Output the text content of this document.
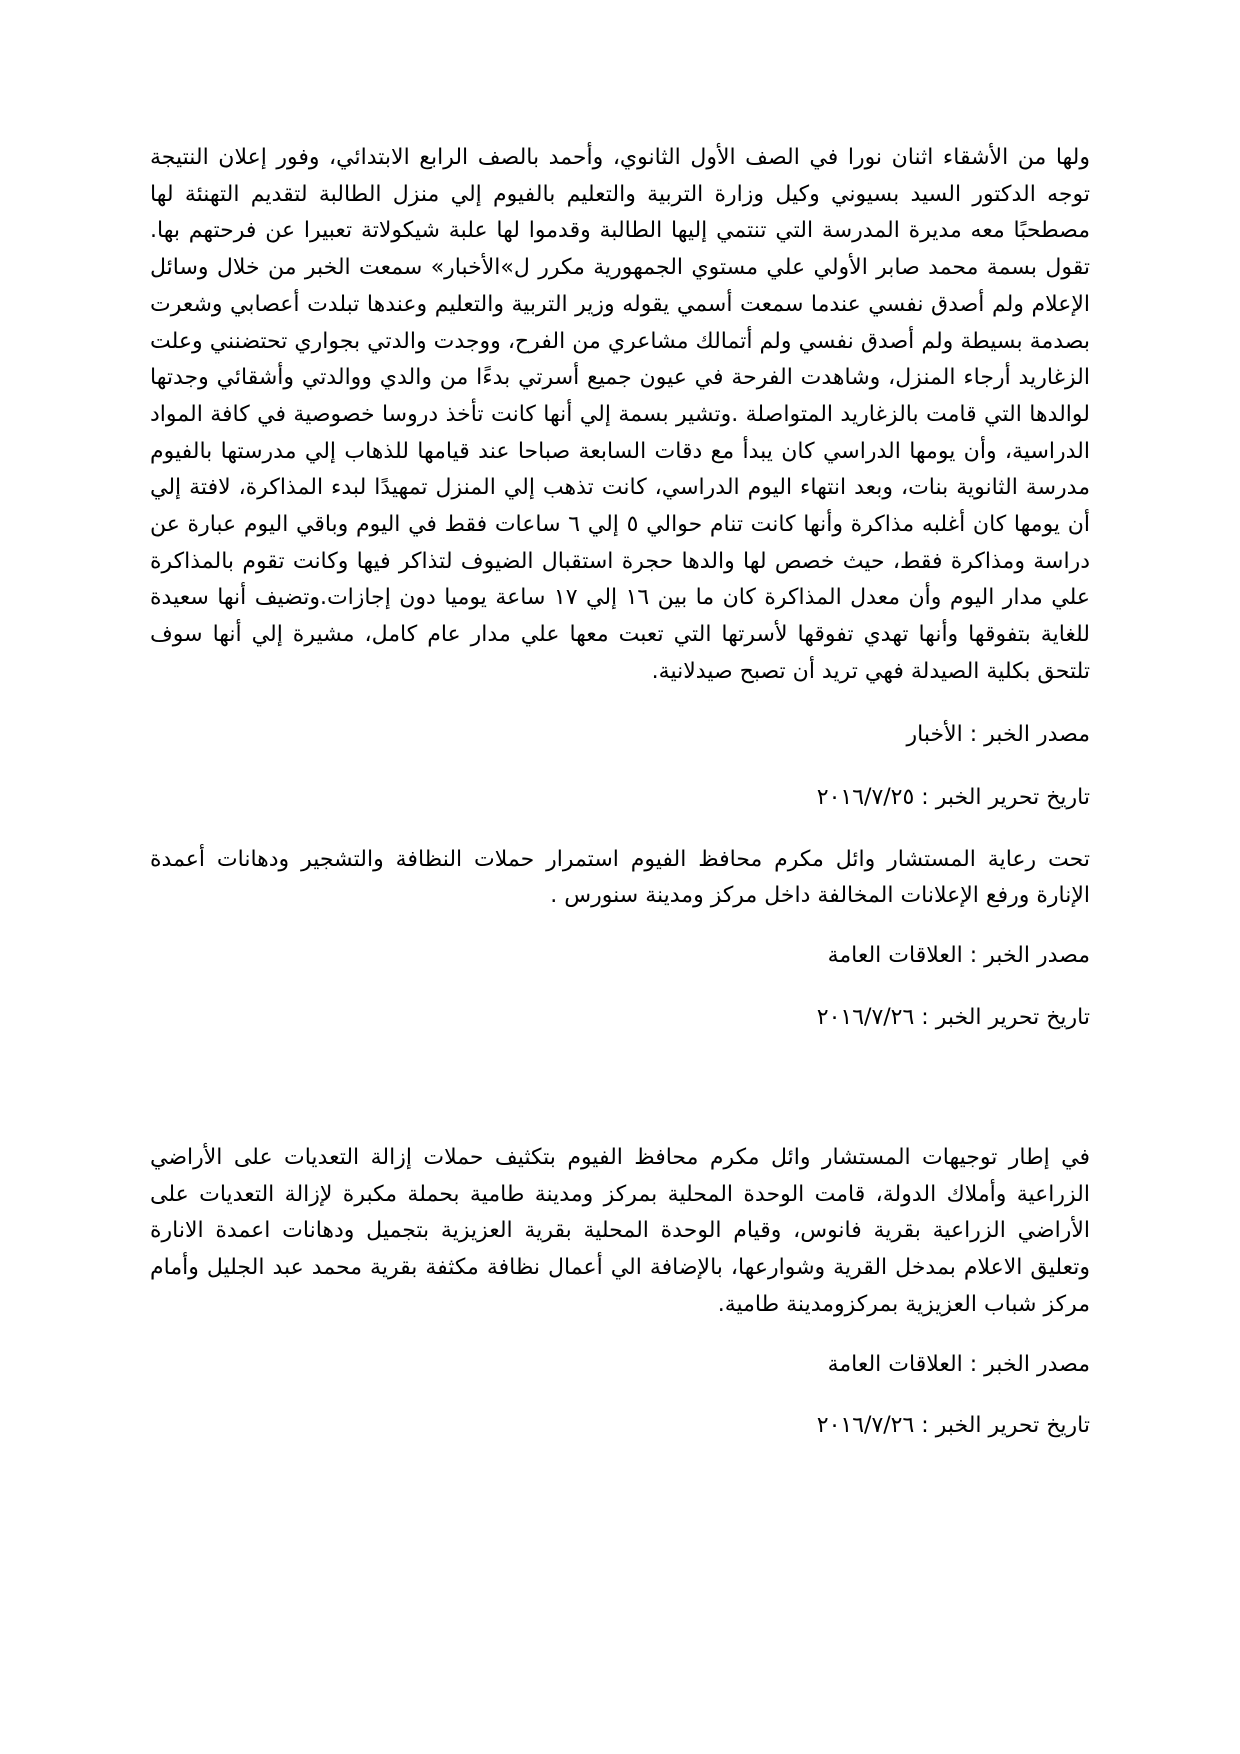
ولها من الأشقاء اثنان نورا في الصف الأول الثانوي، وأحمد بالصف الرابع الابتدائي، وفور إعلان النتيجة توجه الدكتور السيد بسيوني وكيل وزارة التربية والتعليم بالفيوم إلي منزل الطالبة لتقديم التهنئة لها مصطحبًا معه مديرة المدرسة التي تنتمي إليها الطالبة وقدموا لها علبة شيكولاتة تعبيرا عن فرحتهم بها. تقول بسمة محمد صابر الأولي علي مستوي الجمهورية مكرر ل»الأخبار» سمعت الخبر من خلال وسائل الإعلام ولم أصدق نفسي عندما سمعت أسمي يقوله وزير التربية والتعليم وعندها تبلدت أعصابي وشعرت بصدمة بسيطة ولم أصدق نفسي ولم أتمالك مشاعري من الفرح، ووجدت والدتي بجواري تحتضنني وعلت الزغاريد أرجاء المنزل، وشاهدت الفرحة في عيون جميع أسرتي بدءًا من والدي ووالدتي وأشقائي وجدتها لوالدها التي قامت بالزغاريد المتواصلة .وتشير بسمة إلي أنها كانت تأخذ دروسا خصوصية في كافة المواد الدراسية، وأن يومها الدراسي كان يبدأ مع دقات السابعة صباحا عند قيامها للذهاب إلي مدرستها بالفيوم مدرسة الثانوية بنات، وبعد انتهاء اليوم الدراسي، كانت تذهب إلي المنزل تمهيدًا لبدء المذاكرة، لافتة إلي أن يومها كان أغلبه مذاكرة وأنها كانت تنام حوالي ٥ إلي ٦ ساعات فقط في اليوم وباقي اليوم عبارة عن دراسة ومذاكرة فقط، حيث خصص لها والدها حجرة استقبال الضيوف لتذاكر فيها وكانت تقوم بالمذاكرة علي مدار اليوم وأن معدل المذاكرة كان ما بين ١٦ إلي ١٧ ساعة يوميا دون إجازات.وتضيف أنها سعيدة للغاية بتفوقها وأنها تهدي تفوقها لأسرتها التي تعبت معها علي مدار عام كامل، مشيرة إلي أنها سوف تلتحق بكلية الصيدلة فهي تريد أن تصبح صيدلانية.

مصدر الخبر : الأخبار

تاريخ تحرير الخبر : ٢٠١٦/٧/٢٥

تحت رعاية المستشار وائل مكرم محافظ الفيوم استمرار حملات النظافة والتشجير ودهانات أعمدة الإنارة ورفع الإعلانات المخالفة داخل مركز ومدينة سنورس .

مصدر الخبر : العلاقات العامة

تاريخ تحرير الخبر : ٢٠١٦/٧/٢٦

في إطار توجيهات المستشار وائل مكرم محافظ الفيوم بتكثيف حملات إزالة التعديات على الأراضي الزراعية وأملاك الدولة، قامت الوحدة المحلية بمركز ومدينة طامية بحملة مكبرة لإزالة التعديات على الأراضي الزراعية بقرية فانوس، وقيام الوحدة المحلية بقرية العزيزية بتجميل ودهانات اعمدة الانارة وتعليق الاعلام بمدخل القرية وشوارعها، بالإضافة الي أعمال نظافة مكثفة بقرية محمد عبد الجليل وأمام مركز شباب العزيزية بمركزومدينة طامية.

مصدر الخبر : العلاقات العامة

تاريخ تحرير الخبر : ٢٠١٦/٧/٢٦
